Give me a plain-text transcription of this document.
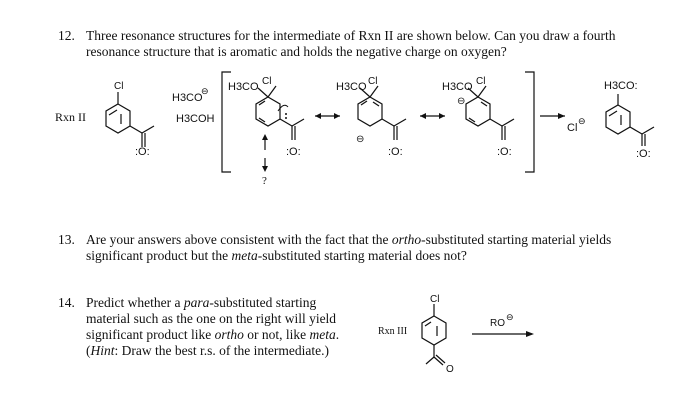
12. Three resonance structures for the intermediate of Rxn II are shown below. Can you draw a fourth
resonance structure that is aromatic and holds the negative charge on oxygen?
Rxn II
Cl
:O:
H3CO
⊖
H3COH
H3CO Cl
:O:
?
H3CO Cl
⊖
:O:
H3CO Cl
⊖
:O:
Cl
⊖
H3CO:
:O:
Rxn III
Cl
O
RO
⊖
13. Are your answers above consistent with the fact that the ortho-substituted starting material yields
significant product but the meta-substituted starting material does not?
14. Predict whether a para-substituted starting
material such as the one on the right will yield
significant product like ortho or not, like meta.
(Hint: Draw the best r.s. of the intermediate.)
